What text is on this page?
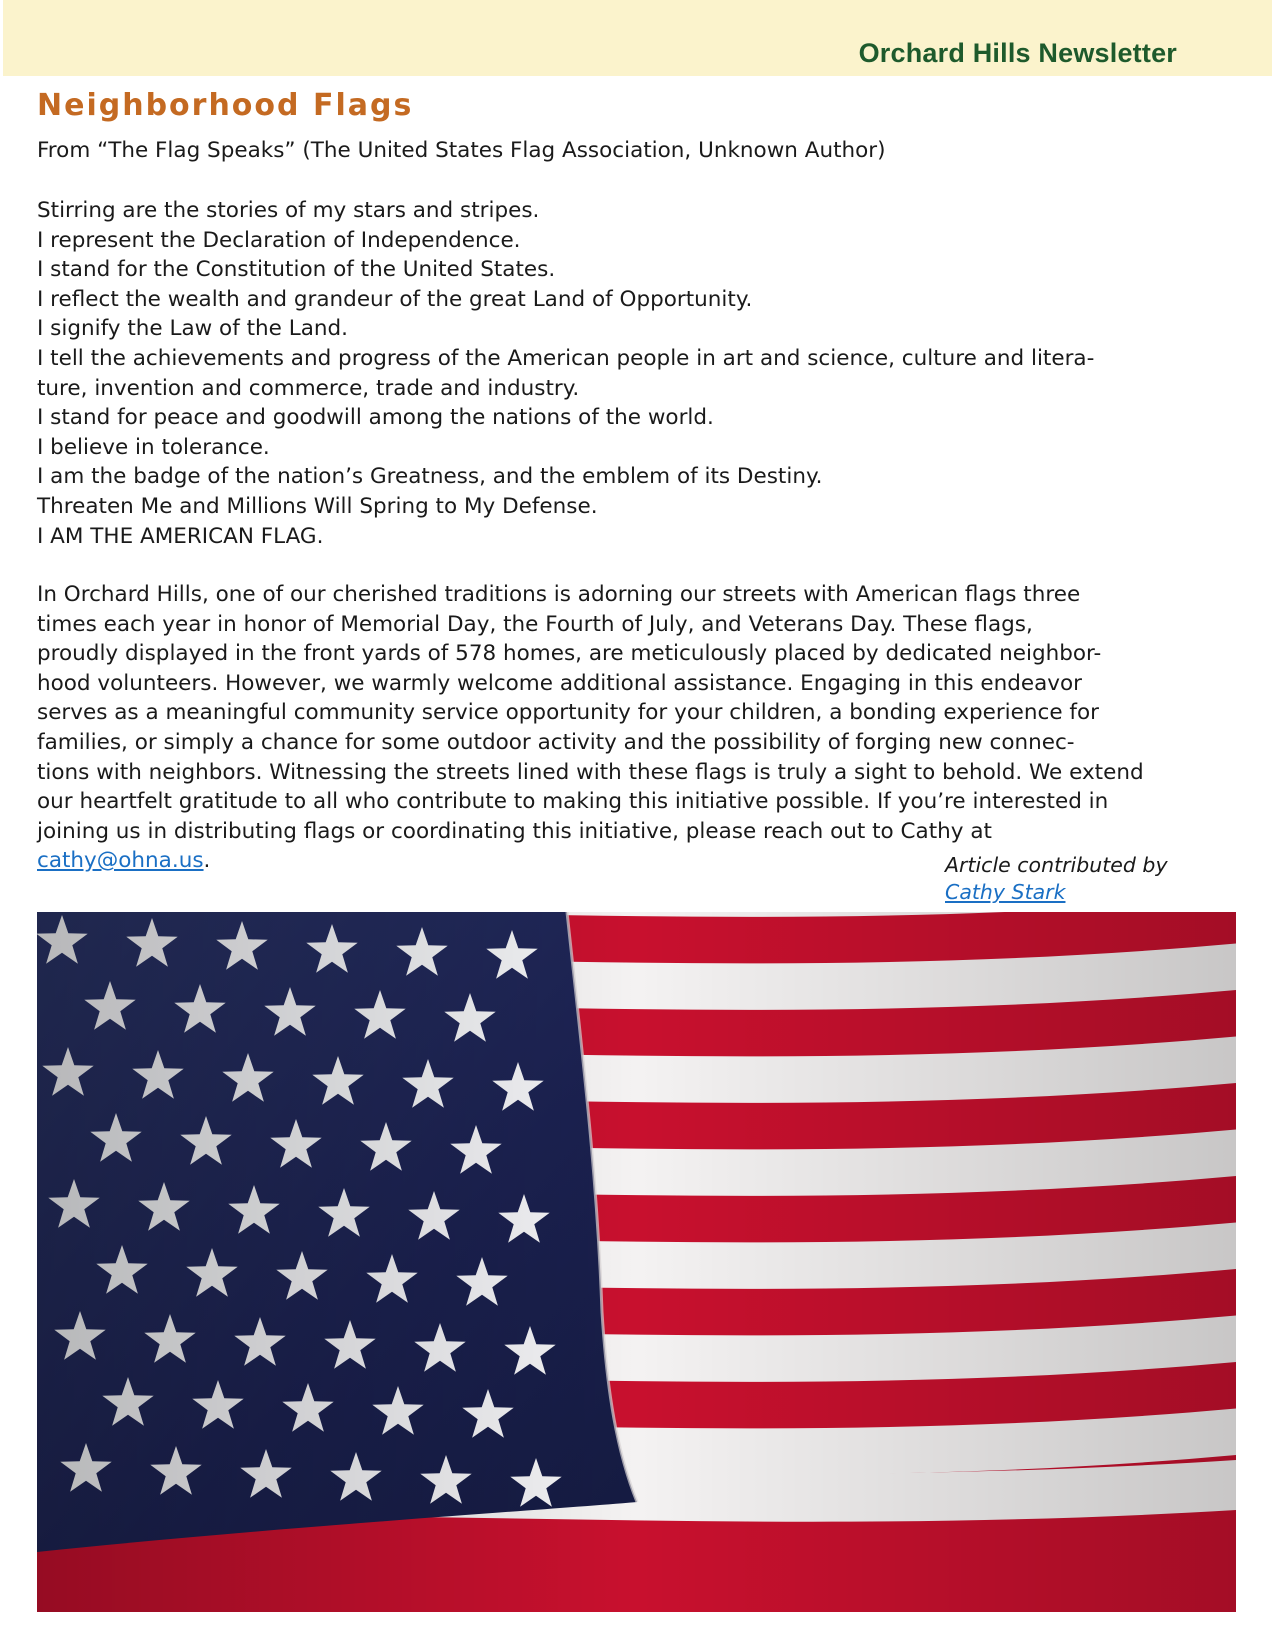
Orchard Hills Newsletter
Neighborhood Flags
From “The Flag Speaks” (The United States Flag Association, Unknown Author)
Stirring are the stories of my stars and stripes.
I represent the Declaration of Independence.
I stand for the Constitution of the United States.
I reflect the wealth and grandeur of the great Land of Opportunity.
I signify the Law of the Land.
I tell the achievements and progress of the American people in art and science, culture and litera-
ture, invention and commerce, trade and industry.
I stand for peace and goodwill among the nations of the world.
I believe in tolerance.
I am the badge of the nation’s Greatness, and the emblem of its Destiny.
Threaten Me and Millions Will Spring to My Defense.
I AM THE AMERICAN FLAG.
In Orchard Hills, one of our cherished traditions is adorning our streets with American flags three
times each year in honor of Memorial Day, the Fourth of July, and Veterans Day. These flags,
proudly displayed in the front yards of 578 homes, are meticulously placed by dedicated neighbor-
hood volunteers. However, we warmly welcome additional assistance. Engaging in this endeavor
serves as a meaningful community service opportunity for your children, a bonding experience for
families, or simply a chance for some outdoor activity and the possibility of forging new connec-
tions with neighbors. Witnessing the streets lined with these flags is truly a sight to behold. We extend
our heartfelt gratitude to all who contribute to making this initiative possible. If you’re interested in
joining us in distributing flags or coordinating this initiative, please reach out to Cathy at
cathy@ohna.us.	Article contributed by
Cathy Stark
